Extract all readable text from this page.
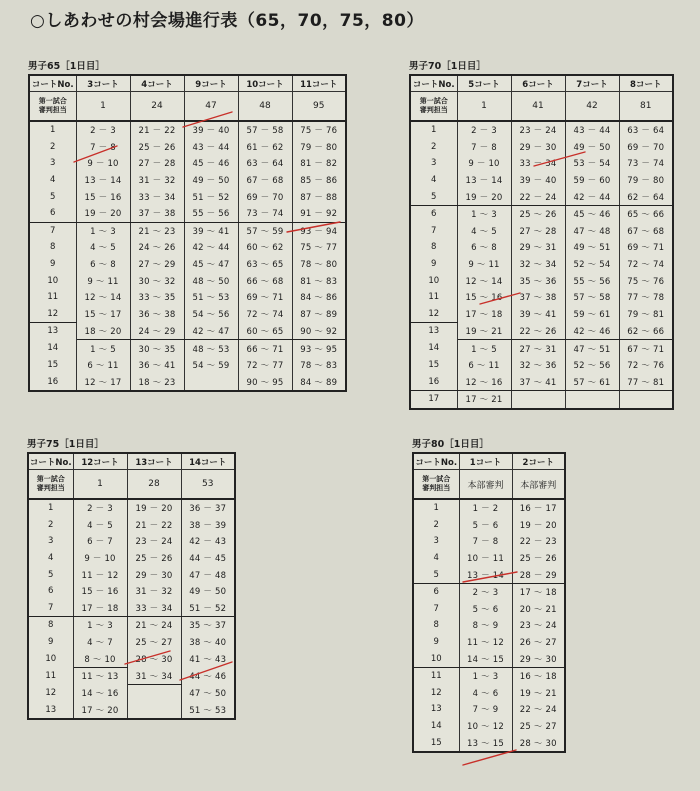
○しあわせの村会場進行表（65，70，75，80）
男子65［1日目］
コートNo.	3コート	4コート	9コート	10コート	11コート

第一試合
審判担当	1	24	47	48	95
1	2 － 3	21 － 22	39 － 40	57 － 58	75 － 76
2	7 － 8	25 － 26	43 － 44	61 － 62	79 － 80
3	9 － 10	27 － 28	45 － 46	63 － 64	81 － 82
4	13 － 14	31 － 32	49 － 50	67 － 68	85 － 86
5	15 － 16	33 － 34	51 － 52	69 － 70	87 － 88
6	19 － 20	37 － 38	55 － 56	73 － 74	91 － 92
7	1 ～ 3	21 ～ 23	39 ～ 41	57 ～ 59	93 － 94
8	4 ～ 5	24 ～ 26	42 ～ 44	60 ～ 62	75 ～ 77
9	6 ～ 8	27 ～ 29	45 ～ 47	63 ～ 65	78 ～ 80
10	9 ～ 11	30 ～ 32	48 ～ 50	66 ～ 68	81 ～ 83
11	12 ～ 14	33 ～ 35	51 ～ 53	69 ～ 71	84 ～ 86
12	15 ～ 17	36 ～ 38	54 ～ 56	72 ～ 74	87 ～ 89
13	18 ～ 20	24 ～ 29	42 ～ 47	60 ～ 65	90 ～ 92
14	1 ～ 5	30 ～ 35	48 ～ 53	66 ～ 71	93 ～ 95
15	6 ～ 11	36 ～ 41	54 ～ 59	72 ～ 77	78 ～ 83
16	12 ～ 17	18 ～ 23		90 ～ 95	84 ～ 89
男子70［1日目］
コートNo.	5コート	6コート	7コート	8コート

第一試合
審判担当	1	41	42	81
1	2 － 3	23 － 24	43 － 44	63 － 64
2	7 － 8	29 － 30	49 － 50	69 － 70
3	9 － 10	33 － 34	53 － 54	73 － 74
4	13 － 14	39 － 40	59 － 60	79 － 80
5	19 － 20	22 － 24	42 － 44	62 － 64
6	1 ～ 3	25 ～ 26	45 ～ 46	65 ～ 66
7	4 ～ 5	27 ～ 28	47 ～ 48	67 ～ 68
8	6 ～ 8	29 ～ 31	49 ～ 51	69 ～ 71
9	9 ～ 11	32 ～ 34	52 ～ 54	72 ～ 74
10	12 ～ 14	35 ～ 36	55 ～ 56	75 ～ 76
11	15 ～ 16	37 ～ 38	57 ～ 58	77 ～ 78
12	17 ～ 18	39 ～ 41	59 ～ 61	79 ～ 81
13	19 ～ 21	22 ～ 26	42 ～ 46	62 ～ 66
14	1 ～ 5	27 ～ 31	47 ～ 51	67 ～ 71
15	6 ～ 11	32 ～ 36	52 ～ 56	72 ～ 76
16	12 ～ 16	37 ～ 41	57 ～ 61	77 ～ 81
17	17 ～ 21			
男子75［1日目］
コートNo.	12コート	13コート	14コート

第一試合
審判担当	1	28	53
1	2 － 3	19 － 20	36 － 37
2	4 － 5	21 － 22	38 － 39
3	6 － 7	23 － 24	42 － 43
4	9 － 10	25 － 26	44 － 45
5	11 － 12	29 － 30	47 － 48
6	15 － 16	31 － 32	49 － 50
7	17 － 18	33 － 34	51 － 52
8	1 ～ 3	21 ～ 24	35 ～ 37
9	4 ～ 7	25 ～ 27	38 ～ 40
10	8 ～ 10	28 ～ 30	41 ～ 43
11	11 ～ 13	31 ～ 34	44 ～ 46
12	14 ～ 16		47 ～ 50
13	17 ～ 20		51 ～ 53
男子80［1日目］
コートNo.	1コート	2コート

第一試合
審判担当	本部審判	本部審判
1	1 － 2	16 － 17
2	5 － 6	19 － 20
3	7 － 8	22 － 23
4	10 － 11	25 － 26
5	13 － 14	28 － 29
6	2 ～ 3	17 ～ 18
7	5 ～ 6	20 ～ 21
8	8 ～ 9	23 ～ 24
9	11 ～ 12	26 ～ 27
10	14 ～ 15	29 ～ 30
11	1 ～ 3	16 ～ 18
12	4 ～ 6	19 ～ 21
13	7 ～ 9	22 ～ 24
14	10 ～ 12	25 ～ 27
15	13 ～ 15	28 ～ 30
